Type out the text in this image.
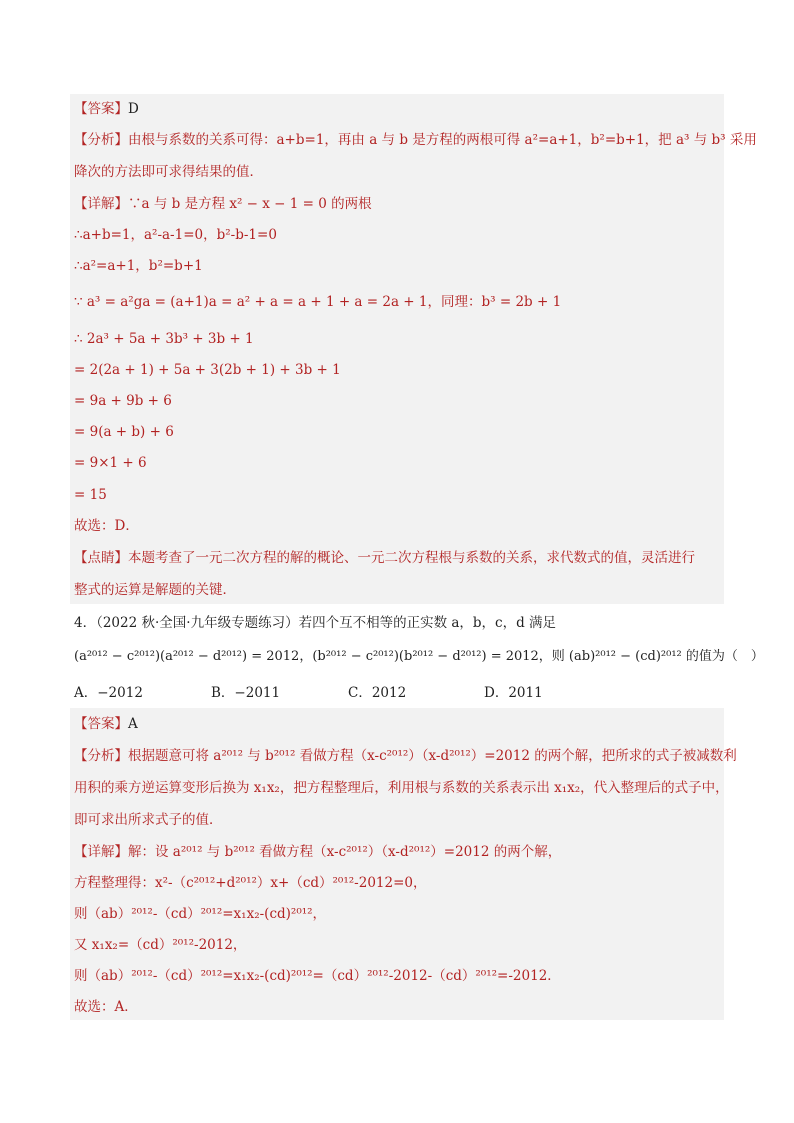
【答案】D
【分析】由根与系数的关系可得：a+b=1，再由 a 与 b 是方程的两根可得 a²=a+1，b²=b+1，把 a³ 与 b³ 采用
降次的方法即可求得结果的值．
【详解】∵a 与 b 是方程 x² − x − 1 = 0 的两根
∴a+b=1，a²-a-1=0，b²-b-1=0
∴a²=a+1，b²=b+1
∵ a³ = a²ga = (a+1)a = a² + a = a + 1 + a = 2a + 1，同理：b³ = 2b + 1
∴ 2a³ + 5a + 3b³ + 3b + 1
= 2(2a + 1) + 5a + 3(2b + 1) + 3b + 1
= 9a + 9b + 6
= 9(a + b) + 6
= 9×1 + 6
= 15
故选：D．
【点睛】本题考查了一元二次方程的解的概论、一元二次方程根与系数的关系，求代数式的值，灵活进行
整式的运算是解题的关键．
4．（2022 秋·全国·九年级专题练习）若四个互不相等的正实数 a，b，c，d 满足
(a²⁰¹² − c²⁰¹²)(a²⁰¹² − d²⁰¹²) = 2012，(b²⁰¹² − c²⁰¹²)(b²⁰¹² − d²⁰¹²) = 2012，则 (ab)²⁰¹² − (cd)²⁰¹² 的值为（　）
A．−2012	B．−2011	C．2012	D．2011
【答案】A
【分析】根据题意可将 a²⁰¹² 与 b²⁰¹² 看做方程（x-c²⁰¹²）（x-d²⁰¹²）=2012 的两个解，把所求的式子被减数利
用积的乘方逆运算变形后换为 x₁x₂，把方程整理后，利用根与系数的关系表示出 x₁x₂，代入整理后的式子中，
即可求出所求式子的值．
【详解】解：设 a²⁰¹² 与 b²⁰¹² 看做方程（x-c²⁰¹²）（x-d²⁰¹²）=2012 的两个解，
方程整理得：x²-（c²⁰¹²+d²⁰¹²）x+（cd）²⁰¹²-2012=0，
则（ab）²⁰¹²-（cd）²⁰¹²=x₁x₂-(cd)²⁰¹²，
又 x₁x₂=（cd）²⁰¹²-2012，
则（ab）²⁰¹²-（cd）²⁰¹²=x₁x₂-(cd)²⁰¹²=（cd）²⁰¹²-2012-（cd）²⁰¹²=-2012．
故选：A．
